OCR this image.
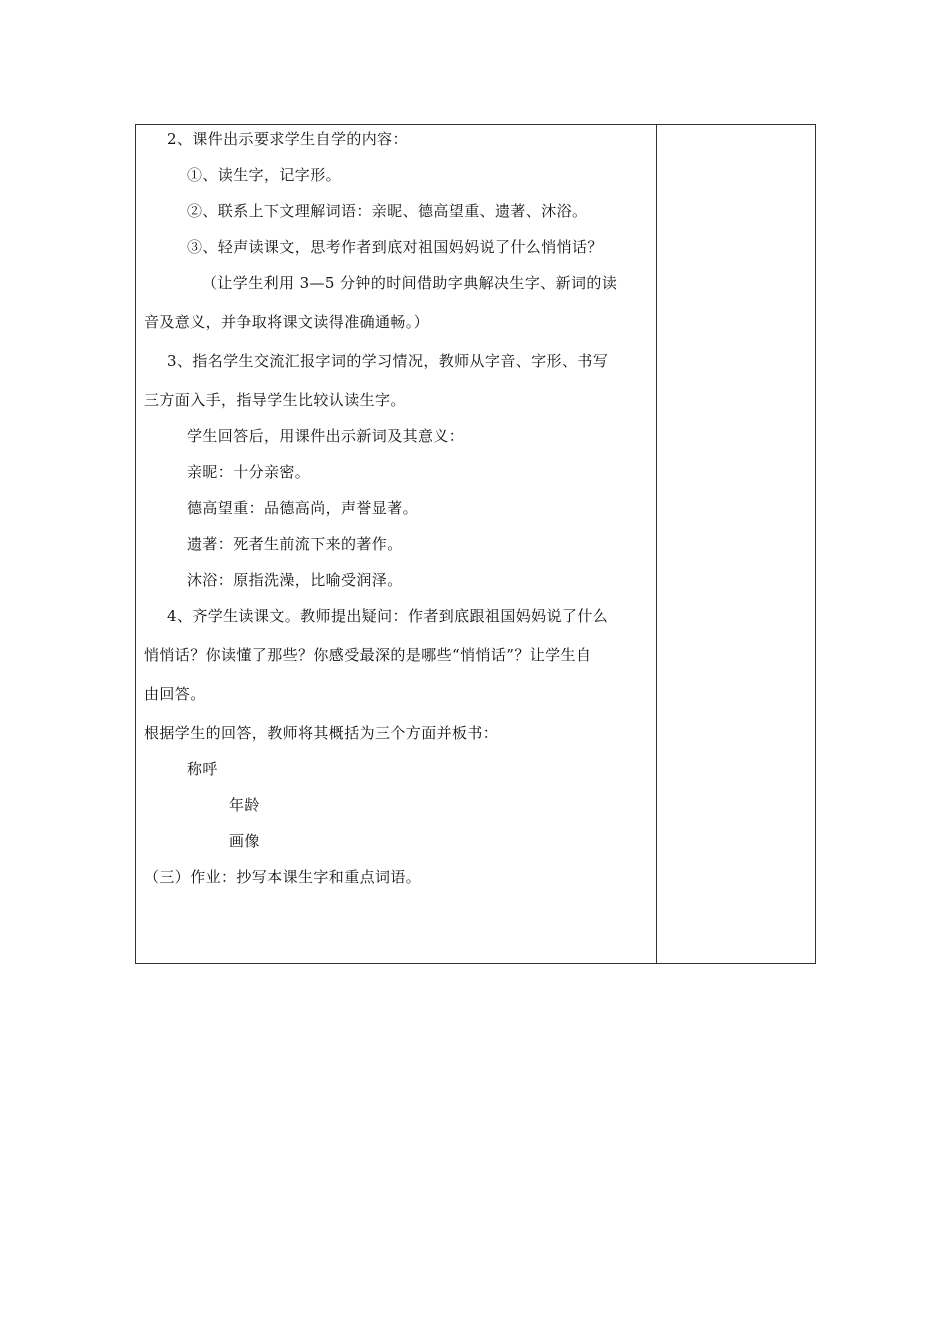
2、课件出示要求学生自学的内容：
①、读生字，记字形。
②、联系上下文理解词语：亲昵、德高望重、遗著、沐浴。
③、轻声读课文，思考作者到底对祖国妈妈说了什么悄悄话？
（让学生利用 3—5 分钟的时间借助字典解决生字、新词的读
音及意义，并争取将课文读得准确通畅。）
3、指名学生交流汇报字词的学习情况，教师从字音、字形、书写
三方面入手，指导学生比较认读生字。
学生回答后，用课件出示新词及其意义：
亲昵：十分亲密。
德高望重：品德高尚，声誉显著。
遗著：死者生前流下来的著作。
沐浴：原指洗澡，比喻受润泽。
4、齐学生读课文。教师提出疑问：作者到底跟祖国妈妈说了什么
悄悄话？你读懂了那些？你感受最深的是哪些“悄悄话”？让学生自
由回答。
根据学生的回答，教师将其概括为三个方面并板书：
称呼
年龄
画像
（三）作业：抄写本课生字和重点词语。
